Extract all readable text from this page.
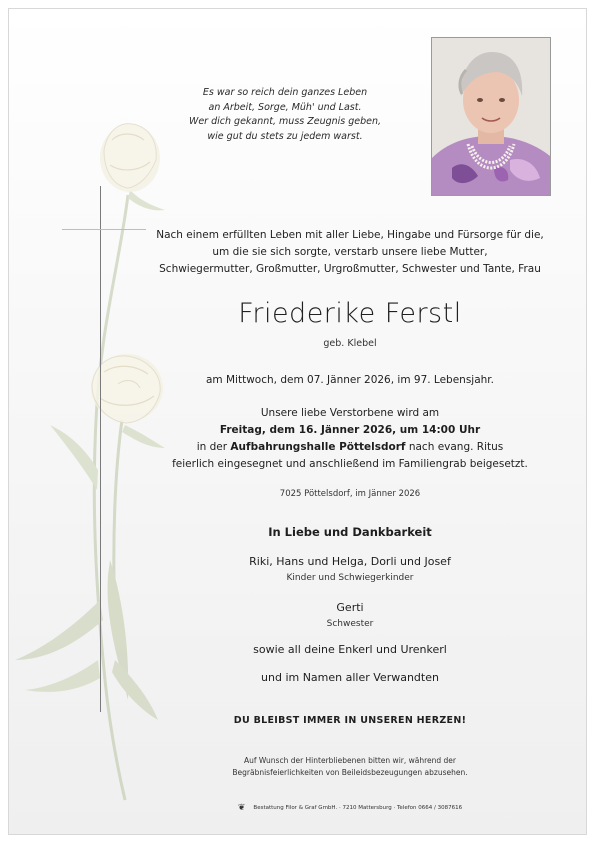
Es war so reich dein ganzes Leben
an Arbeit, Sorge, Müh' und Last.
Wer dich gekannt, muss Zeugnis geben,
wie gut du stets zu jedem warst.
Nach einem erfüllten Leben mit aller Liebe, Hingabe und Fürsorge für die,
um die sie sich sorgte, verstarb unsere liebe Mutter,
Schwiegermutter, Großmutter, Urgroßmutter, Schwester und Tante, Frau
Friederike Ferstl
geb. Klebel
am Mittwoch, dem 07. Jänner 2026, im 97. Lebensjahr.
Unsere liebe Verstorbene wird am
Freitag, dem 16. Jänner 2026, um 14:00 Uhr
in der Aufbahrungshalle Pöttelsdorf nach evang. Ritus
feierlich eingesegnet und anschließend im Familiengrab beigesetzt.
7025 Pöttelsdorf, im Jänner 2026
In Liebe und Dankbarkeit
Riki, Hans und Helga, Dorli und Josef
Kinder und Schwiegerkinder
Gerti
Schwester
sowie all deine Enkerl und Urenkerl
und im Namen aller Verwandten
DU BLEIBST IMMER IN UNSEREN HERZEN!
Auf Wunsch der Hinterbliebenen bitten wir, während der
Begräbnisfeierlichkeiten von Beileidsbezeugungen abzusehen.
❦ Bestattung Filor & Graf GmbH. · 7210 Mattersburg · Telefon 0664 / 3087616
